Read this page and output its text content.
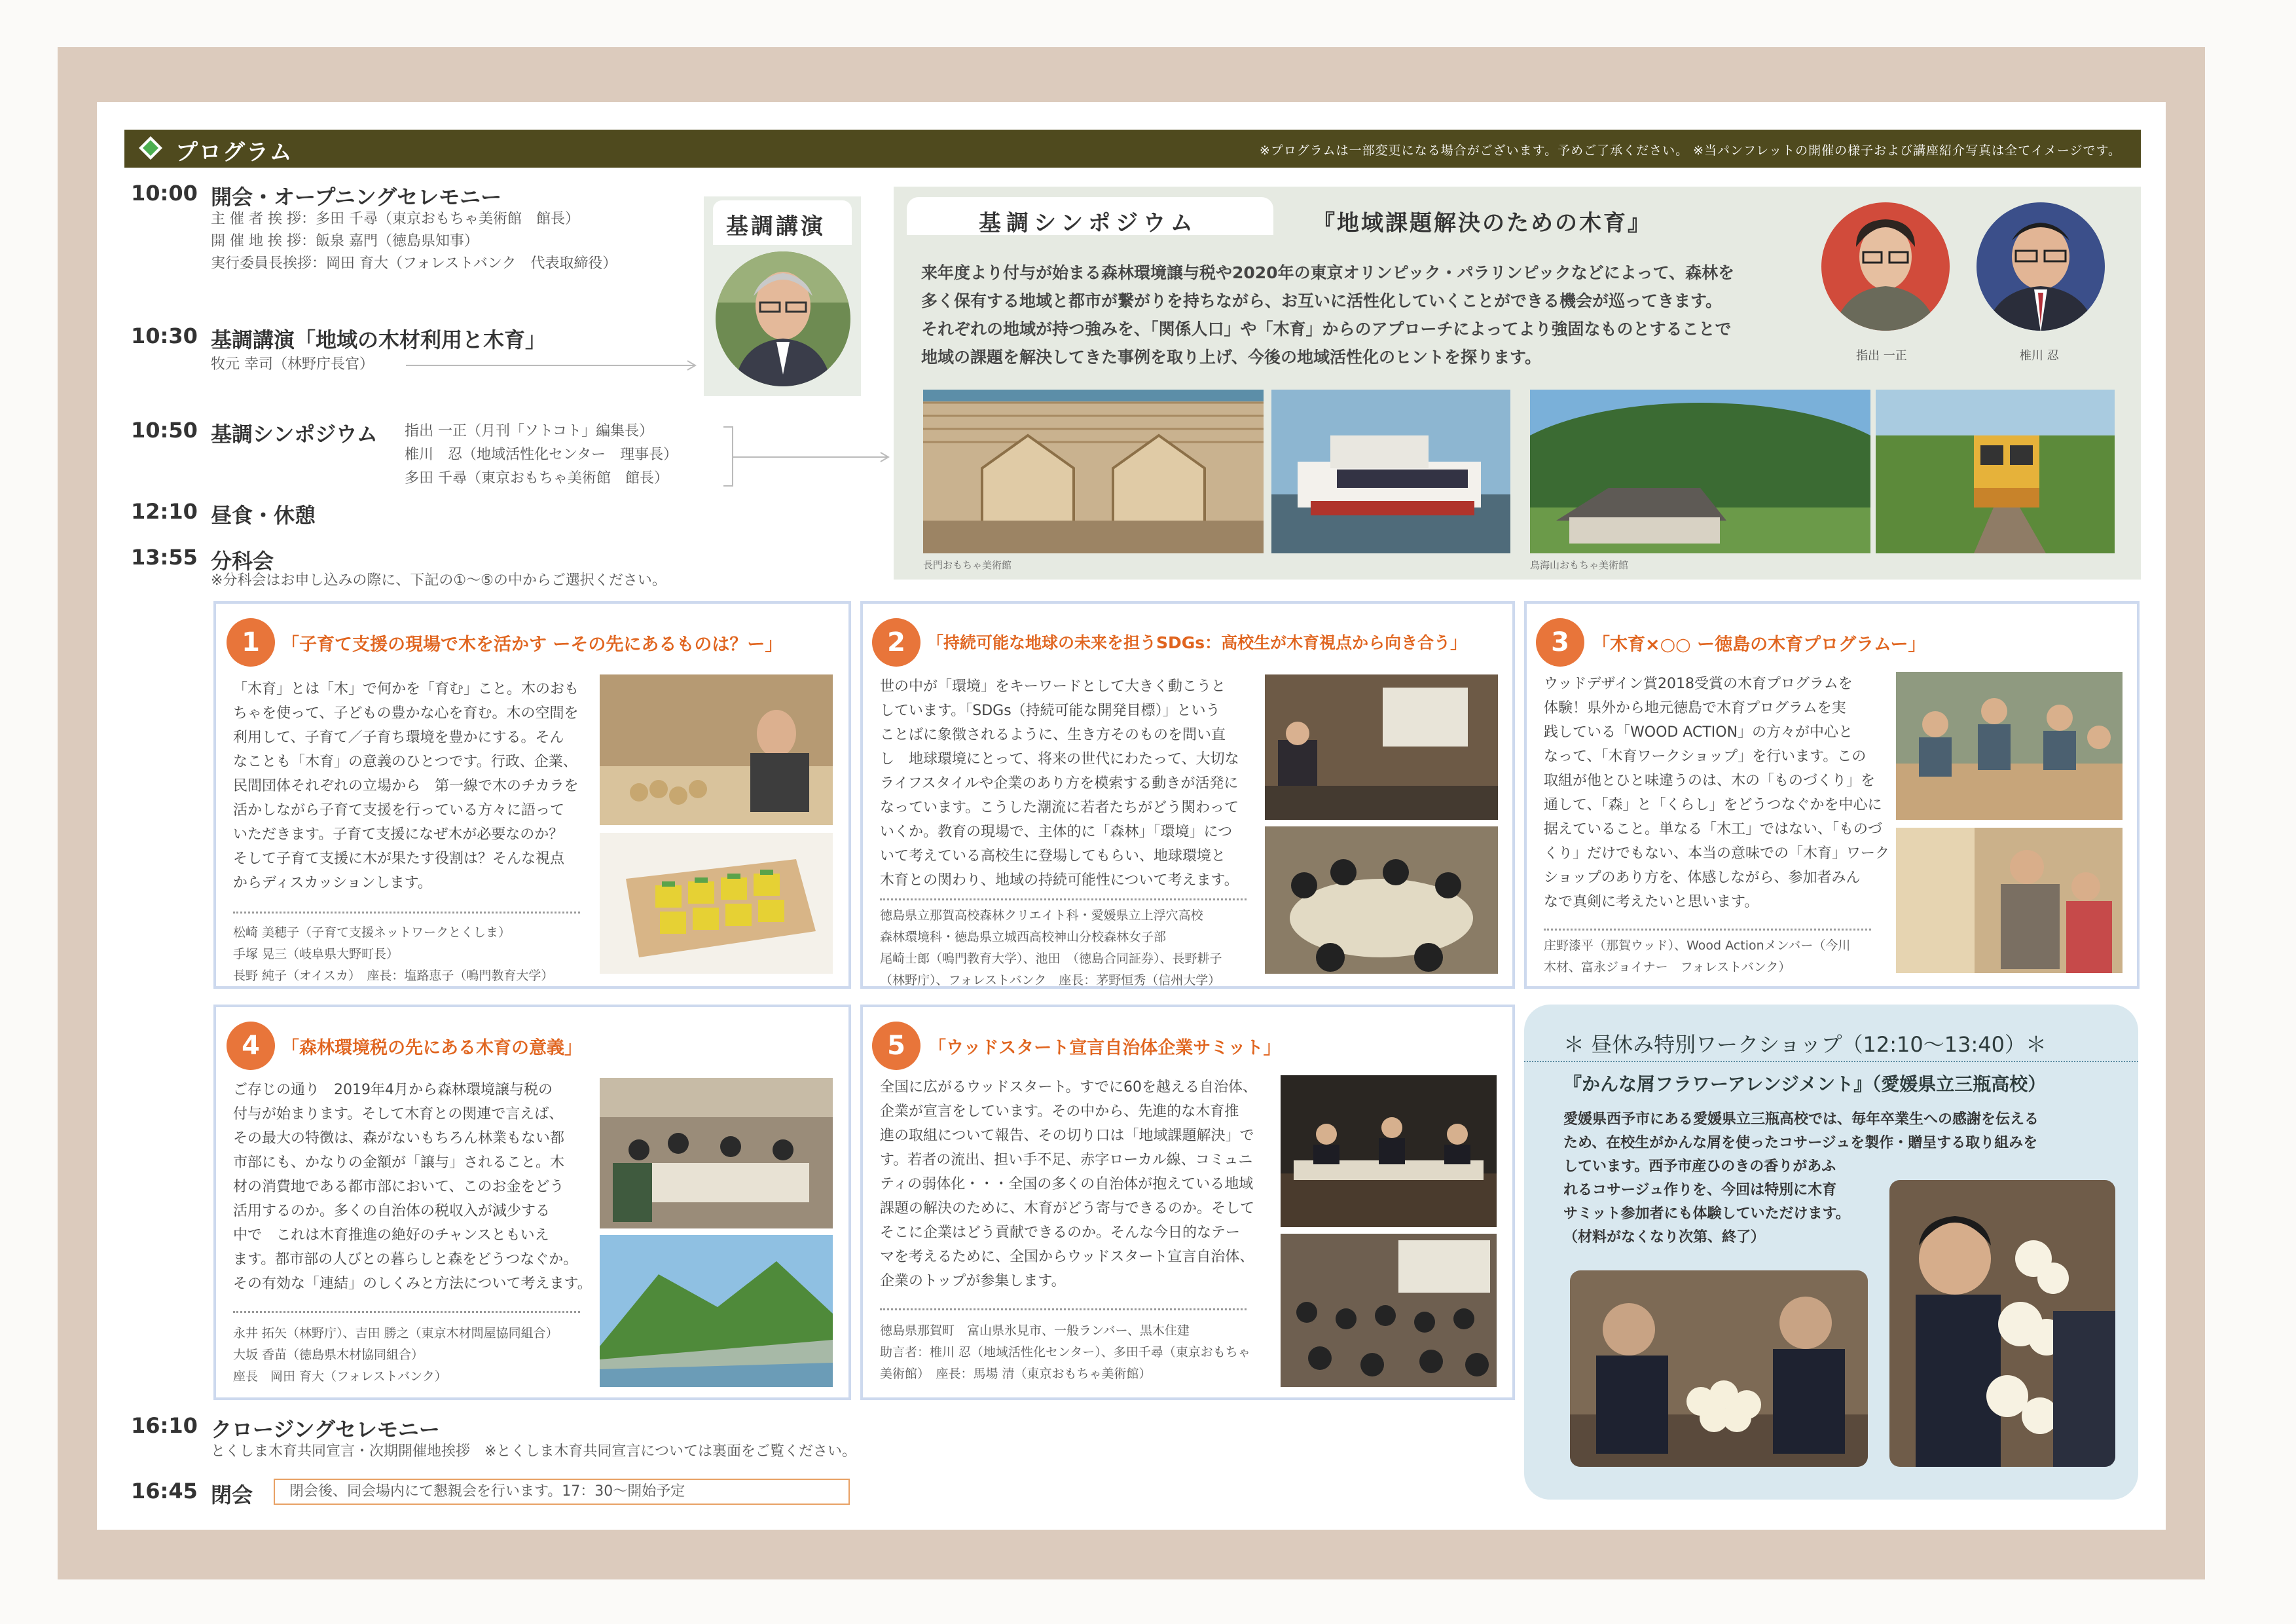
プログラム	※プログラムは一部変更になる場合がございます。予めご了承ください。 ※当パンフレットの開催の様子および講座紹介写真は全てイメージです。
10:00 開会・オープニングセレモニー
主 催 者 挨 拶：多田 千尋（東京おもちゃ美術館　館長）
開 催 地 挨 拶：飯泉 嘉門（徳島県知事）
実行委員長挨拶：岡田 育大（フォレストバンク　代表取締役）
10:30 基調講演「地域の木材利用と木育」
牧元 幸司（林野庁長官）
10:50 基調シンポジウム 指出 一正（月刊「ソトコト」編集長）
椎川　忍（地域活性化センター　理事長）
多田 千尋（東京おもちゃ美術館　館長）
12:10 昼食・休憩
13:55 分科会
※分科会はお申し込みの際に、下記の①～⑤の中からご選択ください。
基調講演	基調シンポジウム	『地域課題解決のための木育』
来年度より付与が始まる森林環境譲与税や2020年の東京オリンピック・パラリンピックなどによって、森林を
多く保有する地域と都市が繋がりを持ちながら、お互いに活性化していくことができる機会が巡ってきます。
それぞれの地域が持つ強みを、「関係人口」や「木育」からのアプローチによってより強固なものとすることで
地域の課題を解決してきた事例を取り上げ、今後の地域活性化のヒントを探ります。	指出 一正	椎川 忍
長門おもちゃ美術館	鳥海山おもちゃ美術館
1	「子育て支援の現場で木を活かす ーその先にあるものは？ー」
「木育」とは「木」で何かを「育む」こと。木のおも
ちゃを使って、子どもの豊かな心を育む。木の空間を
利用して、子育て／子育ち環境を豊かにする。そん
なことも「木育」の意義のひとつです。行政、企業、
民間団体それぞれの立場から　第一線で木のチカラを
活かしながら子育て支援を行っている方々に語って
いただきます。子育て支援になぜ木が必要なのか？
そして子育て支援に木が果たす役割は？そんな視点
からディスカッションします。
松崎 美穂子（子育て支援ネットワークとくしま）
手塚 晃三（岐阜県大野町長）
長野 純子（オイスカ）　座長：塩路恵子（鳴門教育大学）
2	「持続可能な地球の未来を担うSDGs：高校生が木育視点から向き合う」
世の中が「環境」をキーワードとして大きく動こうと
しています。「SDGs（持続可能な開発目標）」という
ことばに象徴されるように、生き方そのものを問い直
し　地球環境にとって、将来の世代にわたって、大切な
ライフスタイルや企業のあり方を模索する動きが活発に
なっています。こうした潮流に若者たちがどう関わって
いくか。教育の現場で、主体的に「森林」「環境」につ
いて考えている高校生に登場してもらい、地球環境と
木育との関わり、地域の持続可能性について考えます。
徳島県立那賀高校森林クリエイト科・愛媛県立上浮穴高校
森林環境科・徳島県立城西高校神山分校森林女子部
尾崎士郎（鳴門教育大学）、池田　（徳島合同証券）、長野耕子
（林野庁）、フォレストバンク　座長：茅野恒秀（信州大学）
3	「木育×○○ ー徳島の木育プログラムー」
ウッドデザイン賞2018受賞の木育プログラムを
体験！県外から地元徳島で木育プログラムを実
践している「WOOD ACTION」の方々が中心と
なって、「木育ワークショップ」を行います。この
取組が他とひと味違うのは、木の「ものづくり」を
通して、「森」と「くらし」をどうつなぐかを中心に
据えていること。単なる「木工」ではない、「ものづ
くり」だけでもない、本当の意味での「木育」ワーク
ショップのあり方を、体感しながら、参加者みん
なで真剣に考えたいと思います。
庄野漆平（那賀ウッド）、Wood Actionメンバー（今川
木材、富永ジョイナー　フォレストバンク）
4	「森林環境税の先にある木育の意義」
ご存じの通り　2019年4月から森林環境譲与税の
付与が始まります。そして木育との関連で言えば、
その最大の特徴は、森がないもちろん林業もない都
市部にも、かなりの金額が「譲与」されること。木
材の消費地である都市部において、このお金をどう
活用するのか。多くの自治体の税収入が減少する
中で　これは木育推進の絶好のチャンスともいえ
ます。都市部の人びとの暮らしと森をどうつなぐか。
その有効な「連結」のしくみと方法について考えます。
永井 拓矢（林野庁）、吉田 勝之（東京木材問屋協同組合）
大坂 香苗（徳島県木材協同組合）
座長　岡田 育大（フォレストバンク）
5	「ウッドスタート宣言自治体企業サミット」
全国に広がるウッドスタート。すでに60を越える自治体、
企業が宣言をしています。その中から、先進的な木育推
進の取組について報告、その切り口は「地域課題解決」で
す。若者の流出、担い手不足、赤字ローカル線、コミュニ
ティの弱体化・・・全国の多くの自治体が抱えている地域
課題の解決のために、木育がどう寄与できるのか。そして
そこに企業はどう貢献できるのか。そんな今日的なテー
マを考えるために、全国からウッドスタート宣言自治体、
企業のトップが参集します。
徳島県那賀町　富山県氷見市、一般ランバー、黒木住建
助言者：椎川 忍（地域活性化センター）、多田千尋（東京おもちゃ
美術館）　座長：馬場 清（東京おもちゃ美術館）
＊ 昼休み特別ワークショップ（12:10～13:40）＊
『かんな屑フラワーアレンジメント』（愛媛県立三瓶高校）
愛媛県西予市にある愛媛県立三瓶高校では、毎年卒業生への感謝を伝える
ため、在校生がかんな屑を使ったコサージュを製作・贈呈する取り組みを
しています。西予市産ひのきの香りがあふ
れるコサージュ作りを、今回は特別に木育
サミット参加者にも体験していただけます。
（材料がなくなり次第、終了）
16:10 クロージングセレモニー
とくしま木育共同宣言・次期開催地挨拶　※とくしま木育共同宣言については裏面をご覧ください。
16:45 閉会	閉会後、同会場内にて懇親会を行います。17：30～開始予定
